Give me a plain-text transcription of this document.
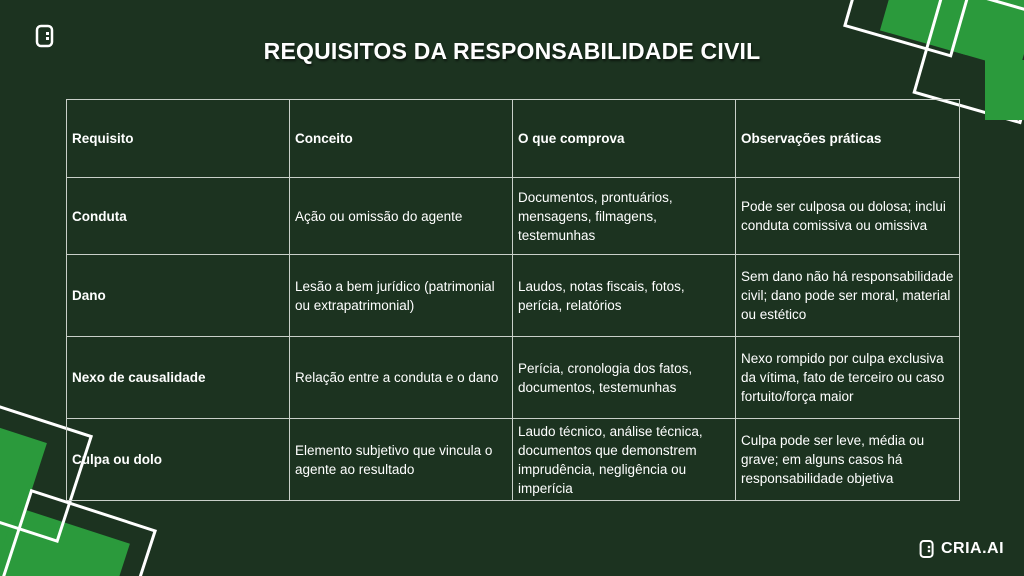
REQUISITOS DA RESPONSABILIDADE CIVIL
Requisito	Conceito	O que comprova	Observações práticas
Conduta	Ação ou omissão do agente	Documentos, prontuários, mensagens, filmagens, testemunhas	Pode ser culposa ou dolosa; inclui conduta comissiva ou omissiva
Dano	Lesão a bem jurídico (patrimonial ou extrapatrimonial)	Laudos, notas fiscais, fotos, perícia, relatórios	Sem dano não há responsabilidade civil; dano pode ser moral, material ou estético
Nexo de causalidade	Relação entre a conduta e o dano	Perícia, cronologia dos fatos, documentos, testemunhas	Nexo rompido por culpa exclusiva da vítima, fato de terceiro ou caso fortuito/força maior
Culpa ou dolo	Elemento subjetivo que vincula o agente ao resultado	Laudo técnico, análise técnica, documentos que demonstrem imprudência, negligência ou imperícia	Culpa pode ser leve, média ou grave; em alguns casos há responsabilidade objetiva
CRIA.AI
